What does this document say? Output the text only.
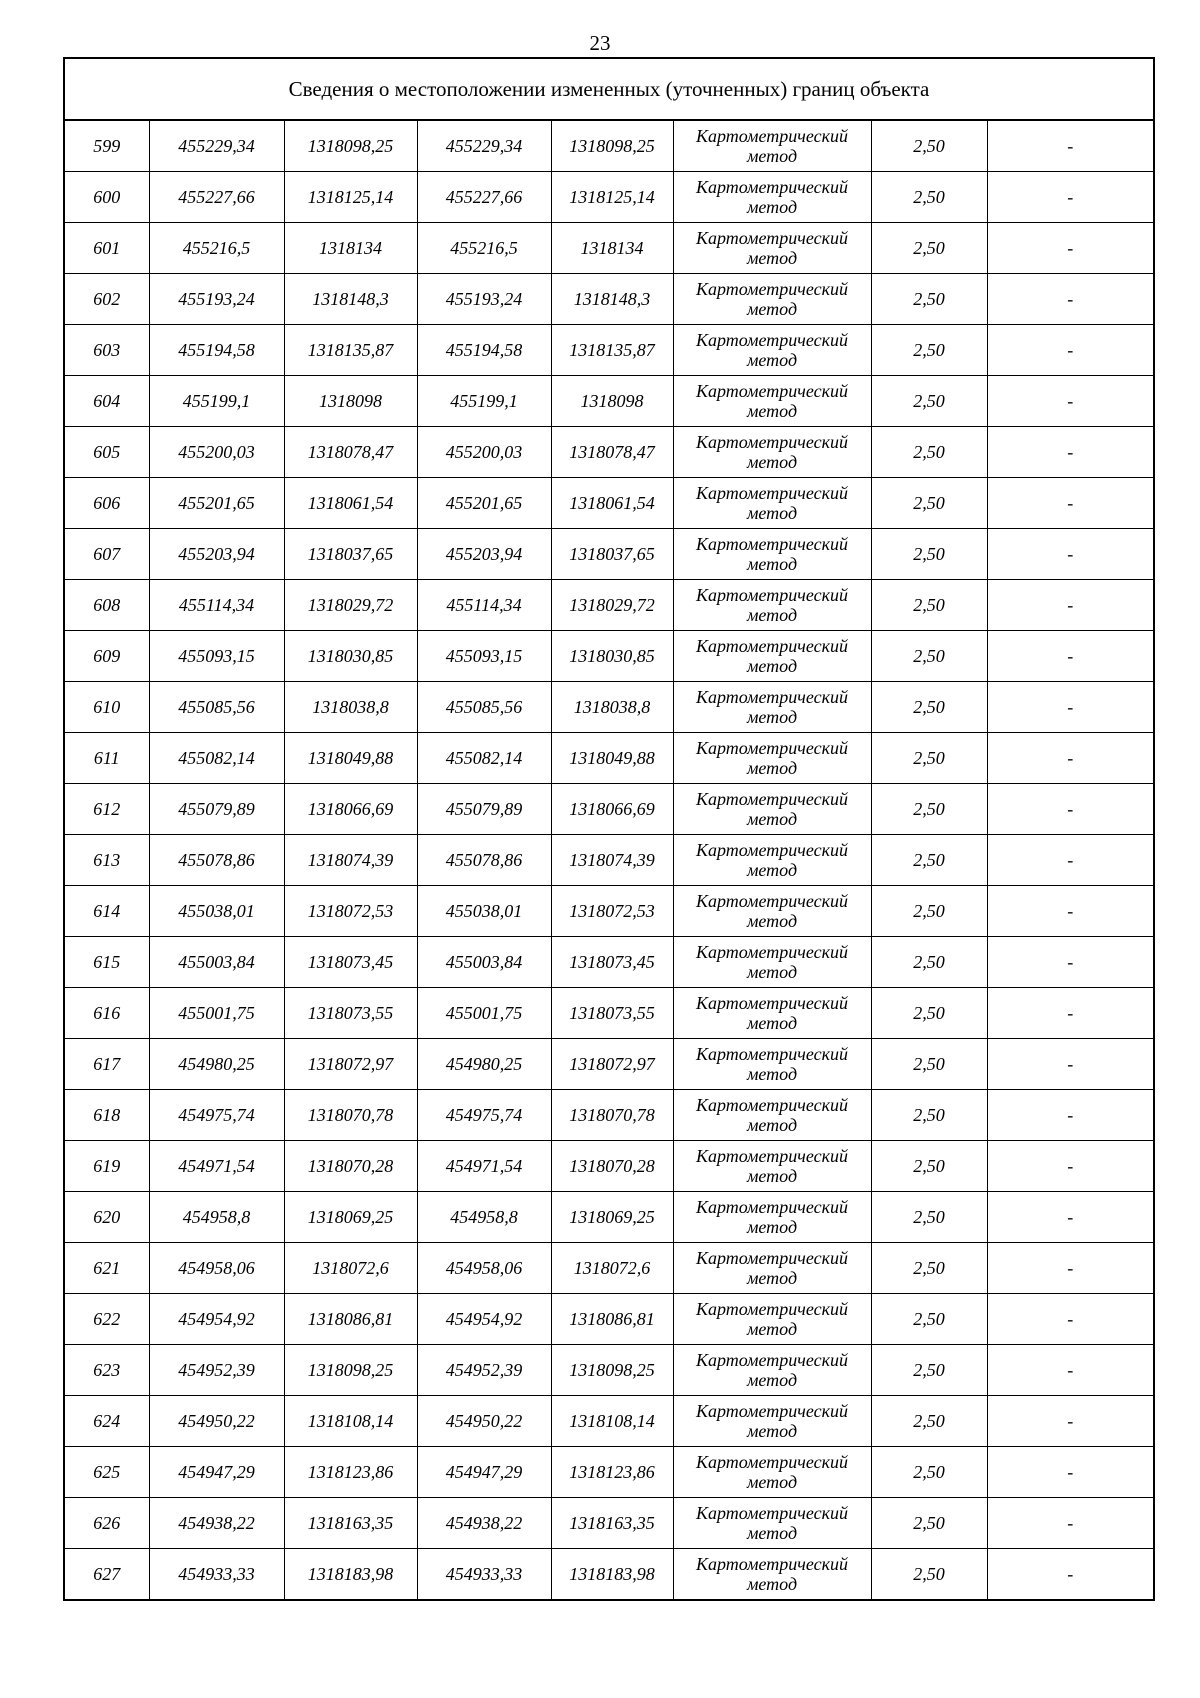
23
Сведения о местоположении измененных (уточненных) границ объекта							
599	455229,34	1318098,25	455229,34	1318098,25	Картометрический метод	2,50	-
600	455227,66	1318125,14	455227,66	1318125,14	Картометрический метод	2,50	-
601	455216,5	1318134	455216,5	1318134	Картометрический метод	2,50	-
602	455193,24	1318148,3	455193,24	1318148,3	Картометрический метод	2,50	-
603	455194,58	1318135,87	455194,58	1318135,87	Картометрический метод	2,50	-
604	455199,1	1318098	455199,1	1318098	Картометрический метод	2,50	-
605	455200,03	1318078,47	455200,03	1318078,47	Картометрический метод	2,50	-
606	455201,65	1318061,54	455201,65	1318061,54	Картометрический метод	2,50	-
607	455203,94	1318037,65	455203,94	1318037,65	Картометрический метод	2,50	-
608	455114,34	1318029,72	455114,34	1318029,72	Картометрический метод	2,50	-
609	455093,15	1318030,85	455093,15	1318030,85	Картометрический метод	2,50	-
610	455085,56	1318038,8	455085,56	1318038,8	Картометрический метод	2,50	-
611	455082,14	1318049,88	455082,14	1318049,88	Картометрический метод	2,50	-
612	455079,89	1318066,69	455079,89	1318066,69	Картометрический метод	2,50	-
613	455078,86	1318074,39	455078,86	1318074,39	Картометрический метод	2,50	-
614	455038,01	1318072,53	455038,01	1318072,53	Картометрический метод	2,50	-
615	455003,84	1318073,45	455003,84	1318073,45	Картометрический метод	2,50	-
616	455001,75	1318073,55	455001,75	1318073,55	Картометрический метод	2,50	-
617	454980,25	1318072,97	454980,25	1318072,97	Картометрический метод	2,50	-
618	454975,74	1318070,78	454975,74	1318070,78	Картометрический метод	2,50	-
619	454971,54	1318070,28	454971,54	1318070,28	Картометрический метод	2,50	-
620	454958,8	1318069,25	454958,8	1318069,25	Картометрический метод	2,50	-
621	454958,06	1318072,6	454958,06	1318072,6	Картометрический метод	2,50	-
622	454954,92	1318086,81	454954,92	1318086,81	Картометрический метод	2,50	-
623	454952,39	1318098,25	454952,39	1318098,25	Картометрический метод	2,50	-
624	454950,22	1318108,14	454950,22	1318108,14	Картометрический метод	2,50	-
625	454947,29	1318123,86	454947,29	1318123,86	Картометрический метод	2,50	-
626	454938,22	1318163,35	454938,22	1318163,35	Картометрический метод	2,50	-
627	454933,33	1318183,98	454933,33	1318183,98	Картометрический метод	2,50	-
